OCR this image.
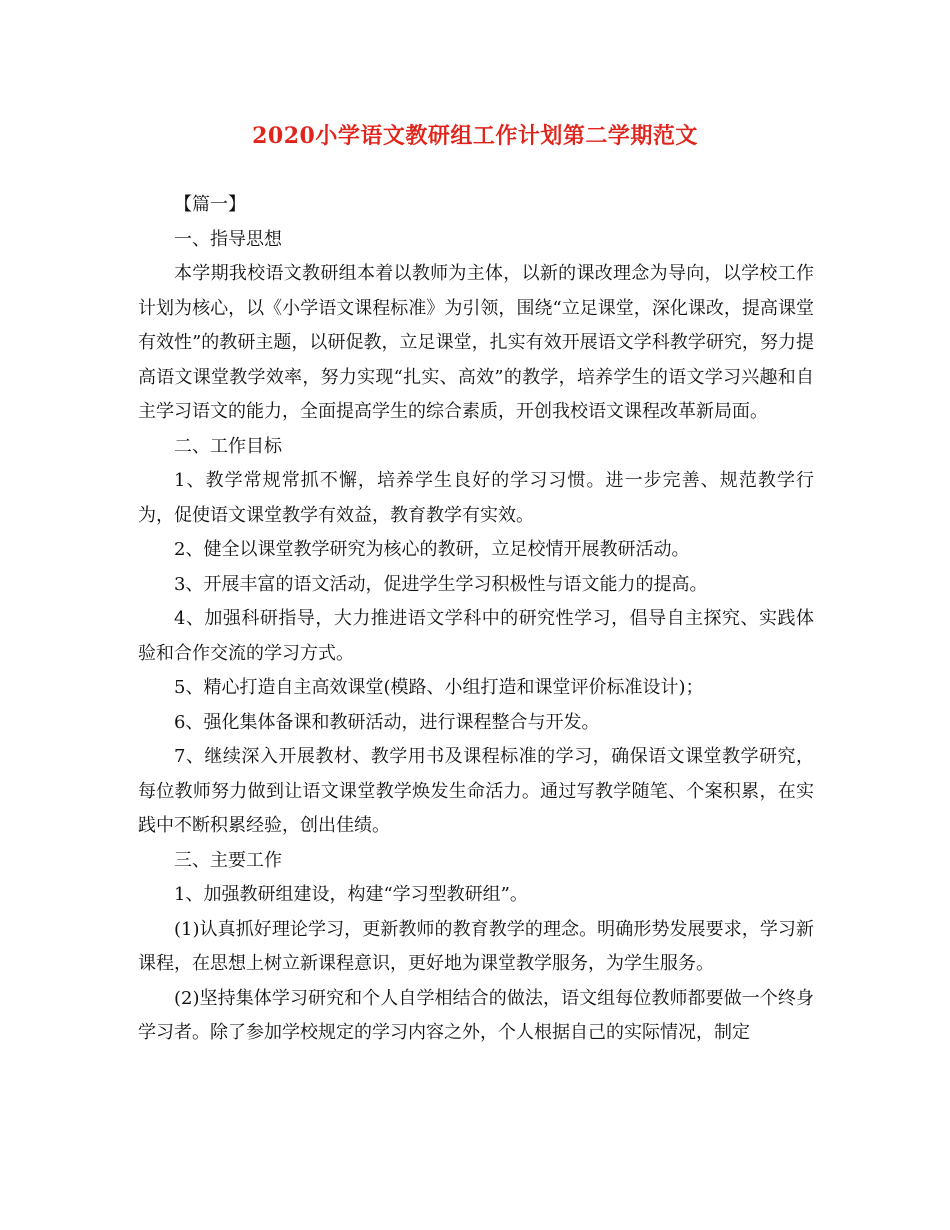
2020小学语文教研组工作计划第二学期范文

【篇一】

一、指导思想

本学期我校语文教研组本着以教师为主体，以新的课改理念为导向，以学校工作计划为核心，以《小学语文课程标准》为引领，围绕“立足课堂，深化课改，提高课堂有效性”的教研主题，以研促教，立足课堂，扎实有效开展语文学科教学研究，努力提高语文课堂教学效率，努力实现“扎实、高效”的教学，培养学生的语文学习兴趣和自主学习语文的能力，全面提高学生的综合素质，开创我校语文课程改革新局面。

二、工作目标

1、教学常规常抓不懈，培养学生良好的学习习惯。进一步完善、规范教学行为，促使语文课堂教学有效益，教育教学有实效。

2、健全以课堂教学研究为核心的教研，立足校情开展教研活动。

3、开展丰富的语文活动，促进学生学习积极性与语文能力的提高。

4、加强科研指导，大力推进语文学科中的研究性学习，倡导自主探究、实践体验和合作交流的学习方式。

5、精心打造自主高效课堂(模路、小组打造和课堂评价标准设计)；

6、强化集体备课和教研活动，进行课程整合与开发。

7、继续深入开展教材、教学用书及课程标准的学习，确保语文课堂教学研究，每位教师努力做到让语文课堂教学焕发生命活力。通过写教学随笔、个案积累，在实践中不断积累经验，创出佳绩。

三、主要工作

1、加强教研组建设，构建“学习型教研组”。

(1)认真抓好理论学习，更新教师的教育教学的理念。明确形势发展要求，学习新课程，在思想上树立新课程意识，更好地为课堂教学服务，为学生服务。

(2)坚持集体学习研究和个人自学相结合的做法，语文组每位教师都要做一个终身学习者。除了参加学校规定的学习内容之外，个人根据自己的实际情况，制定
